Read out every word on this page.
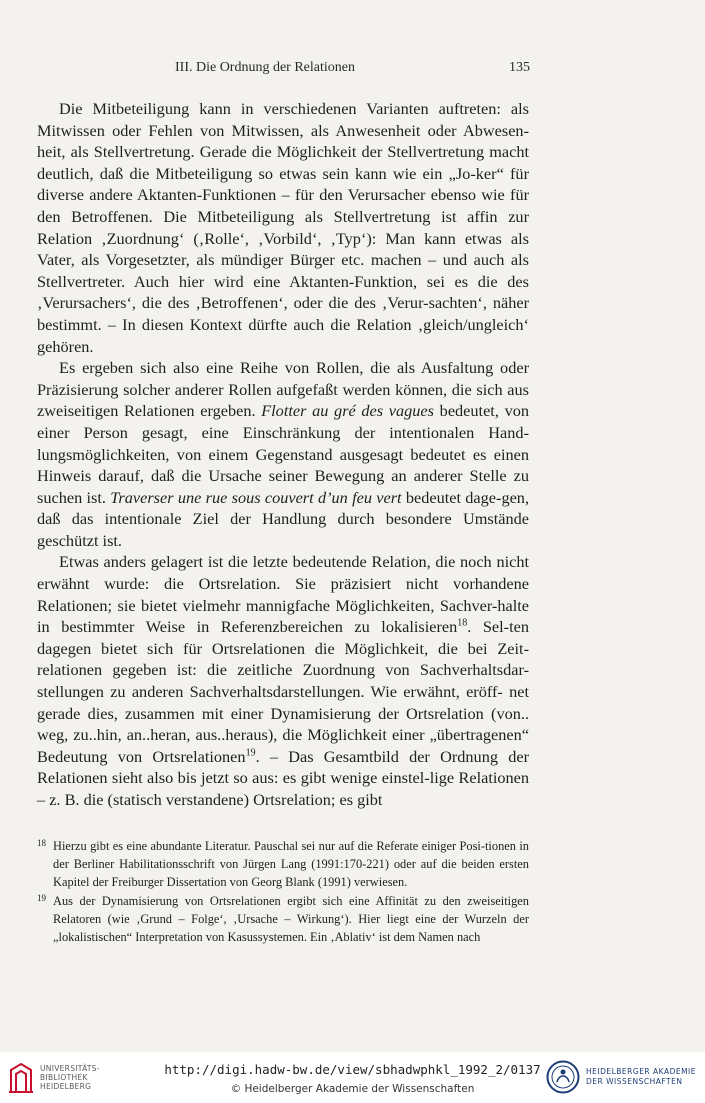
III. Die Ordnung der Relationen	135

Die Mitbeteiligung kann in verschiedenen Varianten auftreten: als Mitwissen oder Fehlen von Mitwissen, als Anwesenheit oder Abwesen-heit, als Stellvertretung. Gerade die Möglichkeit der Stellvertretung macht deutlich, daß die Mitbeteiligung so etwas sein kann wie ein „Jo-ker“ für diverse andere Aktanten-Funktionen – für den Verursacher ebenso wie für den Betroffenen. Die Mitbeteiligung als Stellvertretung ist affin zur Relation ‚Zuordnung‘ (‚Rolle‘, ‚Vorbild‘, ‚Typ‘): Man kann etwas als Vater, als Vorgesetzter, als mündiger Bürger etc. machen – und auch als Stellvertreter. Auch hier wird eine Aktanten-Funktion, sei es die des ‚Verursachers‘, die des ‚Betroffenen‘, oder die des ‚Verur-sachten‘, näher bestimmt. – In diesen Kontext dürfte auch die Relation ‚gleich/ungleich‘ gehören.

Es ergeben sich also eine Reihe von Rollen, die als Ausfaltung oder Präzisierung solcher anderer Rollen aufgefaßt werden können, die sich aus zweiseitigen Relationen ergeben. Flotter au gré des vagues bedeutet, von einer Person gesagt, eine Einschränkung der intentionalen Hand-lungsmöglichkeiten, von einem Gegenstand ausgesagt bedeutet es einen Hinweis darauf, daß die Ursache seiner Bewegung an anderer Stelle zu suchen ist. Traverser une rue sous couvert d’un feu vert bedeutet dage-gen, daß das intentionale Ziel der Handlung durch besondere Umstände geschützt ist.

Etwas anders gelagert ist die letzte bedeutende Relation, die noch nicht erwähnt wurde: die Ortsrelation. Sie präzisiert nicht vorhandene Relationen; sie bietet vielmehr mannigfache Möglichkeiten, Sachver-halte in bestimmter Weise in Referenzbereichen zu lokalisieren$^{18}$. Sel-ten dagegen bietet sich für Ortsrelationen die Möglichkeit, die bei Zeit-relationen gegeben ist: die zeitliche Zuordnung von Sachverhaltsdar-stellungen zu anderen Sachverhaltsdarstellungen. Wie erwähnt, eröff- net gerade dies, zusammen mit einer Dynamisierung der Ortsrelation (von.. weg, zu..hin, an..heran, aus..heraus), die Möglichkeit einer „übertragenen“ Bedeutung von Ortsrelationen$^{19}$. – Das Gesamtbild der Ordnung der Relationen sieht also bis jetzt so aus: es gibt wenige einstel-lige Relationen – z. B. die (statisch verstandene) Ortsrelation; es gibt

18 Hierzu gibt es eine abundante Literatur. Pauschal sei nur auf die Referate einiger Posi-tionen in der Berliner Habilitationsschrift von Jürgen Lang (1991:170-221) oder auf die beiden ersten Kapitel der Freiburger Dissertation von Georg Blank (1991) verwiesen.
19 Aus der Dynamisierung von Ortsrelationen ergibt sich eine Affinität zu den zweiseitigen Relatoren (wie ‚Grund – Folge‘, ‚Ursache – Wirkung‘). Hier liegt eine der Wurzeln der „lokalistischen“ Interpretation von Kasussystemen. Ein ‚Ablativ‘ ist dem Namen nach
UNIVERSITÄTS-
BIBLIOTHEK
HEIDELBERG
http://digi.hadw-bw.de/view/sbhadwphkl_1992_2/0137
© Heidelberger Akademie der Wissenschaften
HEIDELBERGER AKADEMIE
DER WISSENSCHAFTEN
